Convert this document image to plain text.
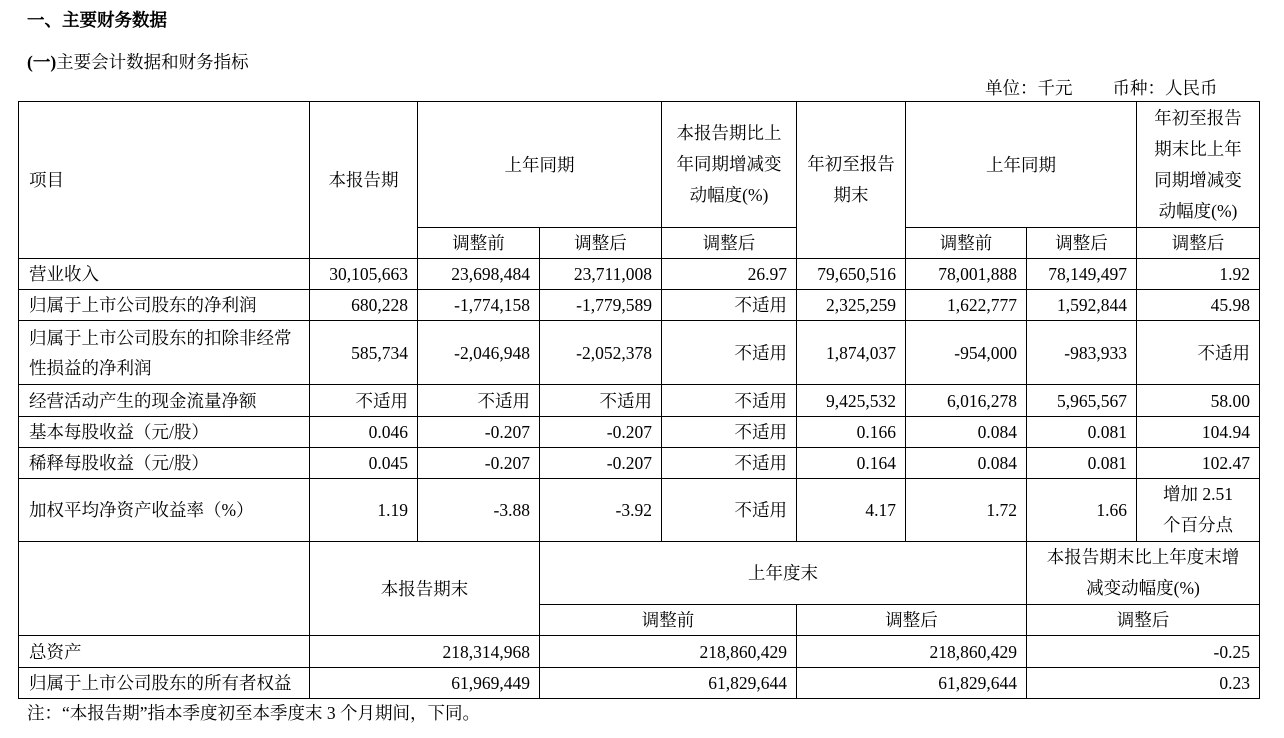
一、主要财务数据
(一)主要会计数据和财务指标
单位：千元 币种：人民币
项目	本报告期	上年同期		本报告期比上年同期增减变动幅度(%)	年初至报告期末	上年同期		年初至报告期末比上年同期增减变动幅度(%)

		调整前	调整后	调整后		调整前	调整后	调整后

营业收入	30,105,663	23,698,484	23,711,008	26.97	79,650,516	78,001,888	78,149,497	1.92

归属于上市公司股东的净利润	680,228	-1,774,158	-1,779,589	不适用	2,325,259	1,622,777	1,592,844	45.98

归属于上市公司股东的扣除非经常性损益的净利润	585,734	-2,046,948	-2,052,378	不适用	1,874,037	-954,000	-983,933	不适用

经营活动产生的现金流量净额	不适用	不适用	不适用	不适用	9,425,532	6,016,278	5,965,567	58.00

基本每股收益（元/股）	0.046	-0.207	-0.207	不适用	0.166	0.084	0.081	104.94

稀释每股收益（元/股）	0.045	-0.207	-0.207	不适用	0.164	0.084	0.081	102.47

加权平均净资产收益率（%）	1.19	-3.88	-3.92	不适用	4.17	1.72	1.66	增加 2.51 个百分点

	本报告期末		上年度末				本报告期末比上年度末增减变动幅度(%)	

			调整前		调整后		调整后	

总资产	218,314,968		218,860,429		218,860,429		-0.25	

归属于上市公司股东的所有者权益	61,969,449		61,829,644		61,829,644		0.23	
注：“本报告期”指本季度初至本季度末 3 个月期间，下同。
